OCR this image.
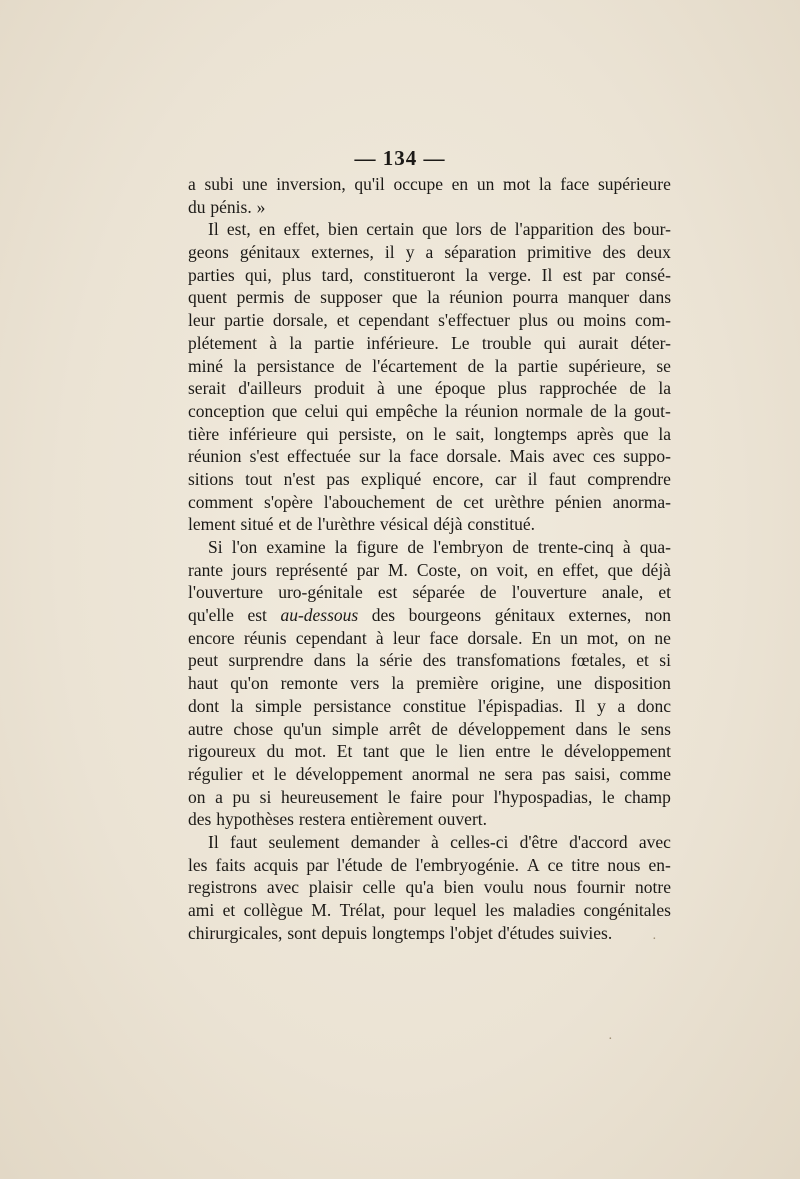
— 134 —
a subi une inversion, qu'il occupe en un mot la face supérieure
du pénis. »
Il est, en effet, bien certain que lors de l'apparition des bour-
geons génitaux externes, il y a séparation primitive des deux
parties qui, plus tard, constitueront la verge. Il est par consé-
quent permis de supposer que la réunion pourra manquer dans
leur partie dorsale, et cependant s'effectuer plus ou moins com-
plétement à la partie inférieure. Le trouble qui aurait déter-
miné la persistance de l'écartement de la partie supérieure, se
serait d'ailleurs produit à une époque plus rapprochée de la
conception que celui qui empêche la réunion normale de la gout-
tière inférieure qui persiste, on le sait, longtemps après que la
réunion s'est effectuée sur la face dorsale. Mais avec ces suppo-
sitions tout n'est pas expliqué encore, car il faut comprendre
comment s'opère l'abouchement de cet urèthre pénien anorma-
lement situé et de l'urèthre vésical déjà constitué.
Si l'on examine la figure de l'embryon de trente-cinq à qua-
rante jours représenté par M. Coste, on voit, en effet, que déjà
l'ouverture uro-génitale est séparée de l'ouverture anale, et
qu'elle est au-dessous des bourgeons génitaux externes, non
encore réunis cependant à leur face dorsale. En un mot, on ne
peut surprendre dans la série des transfomations fœtales, et si
haut qu'on remonte vers la première origine, une disposition
dont la simple persistance constitue l'épispadias. Il y a donc
autre chose qu'un simple arrêt de développement dans le sens
rigoureux du mot. Et tant que le lien entre le développement
régulier et le développement anormal ne sera pas saisi, comme
on a pu si heureusement le faire pour l'hypospadias, le champ
des hypothèses restera entièrement ouvert.
Il faut seulement demander à celles-ci d'être d'accord avec
les faits acquis par l'étude de l'embryogénie. A ce titre nous en-
registrons avec plaisir celle qu'a bien voulu nous fournir notre
ami et collègue M. Trélat, pour lequel les maladies congénitales
chirurgicales, sont depuis longtemps l'objet d'études suivies.	·
·
